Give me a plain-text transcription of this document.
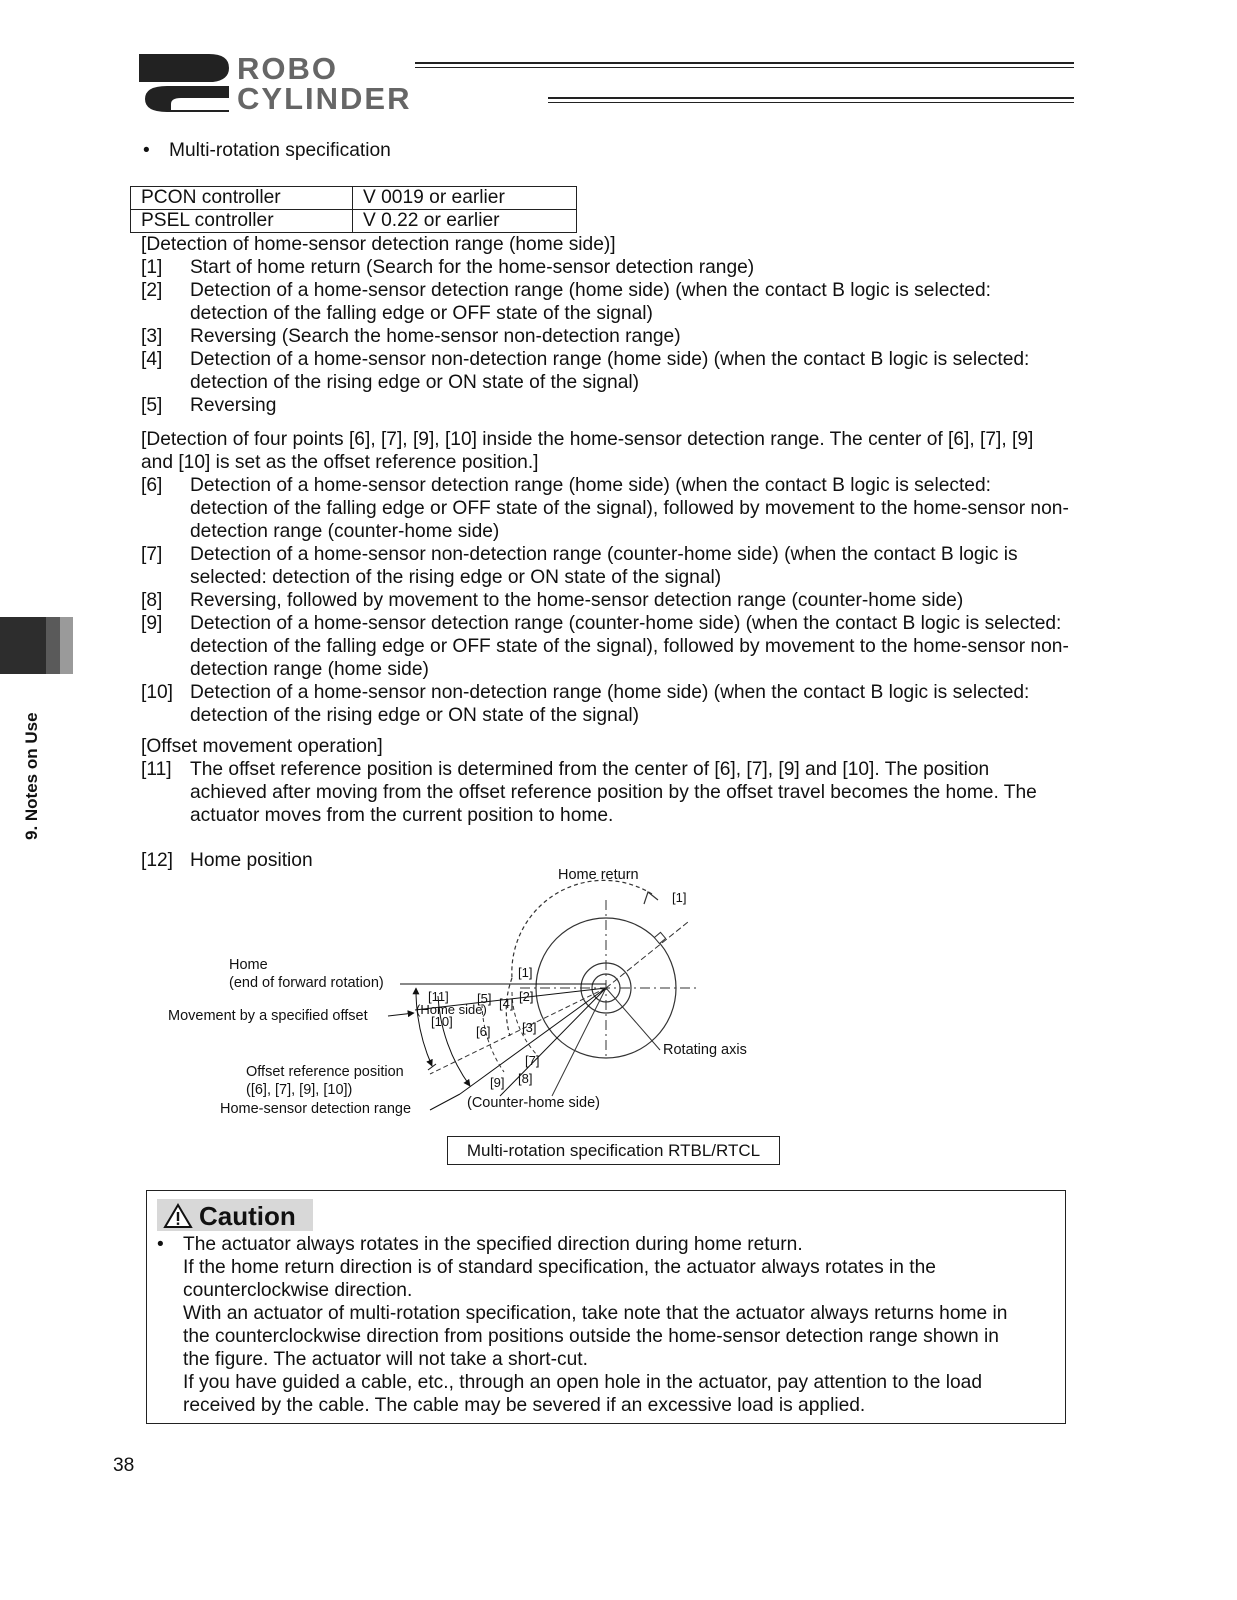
ROBO
CYLINDER
9. Notes on Use
• Multi-rotation specification
PCON controller	V 0019 or earlier
PSEL controller	V 0.22 or earlier
[Detection of home-sensor detection range (home side)]
[1]	Start of home return (Search for the home-sensor detection range)
[2]	Detection of a home-sensor detection range (home side) (when the contact B logic is selected: detection of the falling edge or OFF state of the signal)
[3]	Reversing (Search the home-sensor non-detection range)
[4]	Detection of a home-sensor non-detection range (home side) (when the contact B logic is selected: detection of the rising edge or ON state of the signal)
[5]	Reversing
[Detection of four points [6], [7], [9], [10] inside the home-sensor detection range. The center of [6], [7], [9] and [10] is set as the offset reference position.]
[6]	Detection of a home-sensor detection range (home side) (when the contact B logic is selected: detection of the falling edge or OFF state of the signal), followed by movement to the home-sensor non-detection range (counter-home side)
[7]	Detection of a home-sensor non-detection range (counter-home side) (when the contact B logic is selected: detection of the rising edge or ON state of the signal)
[8]	Reversing, followed by movement to the home-sensor detection range (counter-home side)
[9]	Detection of a home-sensor detection range (counter-home side) (when the contact B logic is selected: detection of the falling edge or OFF state of the signal), followed by movement to the home-sensor non-detection range (home side)
[10] Detection of a home-sensor non-detection range (home side) (when the contact B logic is selected: detection of the rising edge or ON state of the signal)
[Offset movement operation]
[11] The offset reference position is determined from the center of [6], [7], [9] and [10]. The position achieved after moving from the offset reference position by the offset travel becomes the home. The actuator moves from the current position to home.
[12] Home position
Home return
[1]
Home
(end of forward rotation)
Movement by a specified offset
Offset reference position
([6], [7], [9], [10])
Home-sensor detection range
(Home side)
(Counter-home side)
Rotating axis
[1]
[2]
[3]
[4]
[5]
[6]
[7]
[8]
[9]
[10]
[11]
Multi-rotation specification RTBL/RTCL
Caution
•	The actuator always rotates in the specified direction during home return.
If the home return direction is of standard specification, the actuator always rotates in the
counterclockwise direction.
With an actuator of multi-rotation specification, take note that the actuator always returns home in
the counterclockwise direction from positions outside the home-sensor detection range shown in
the figure. The actuator will not take a short-cut.
If you have guided a cable, etc., through an open hole in the actuator, pay attention to the load
received by the cable. The cable may be severed if an excessive load is applied.
38
